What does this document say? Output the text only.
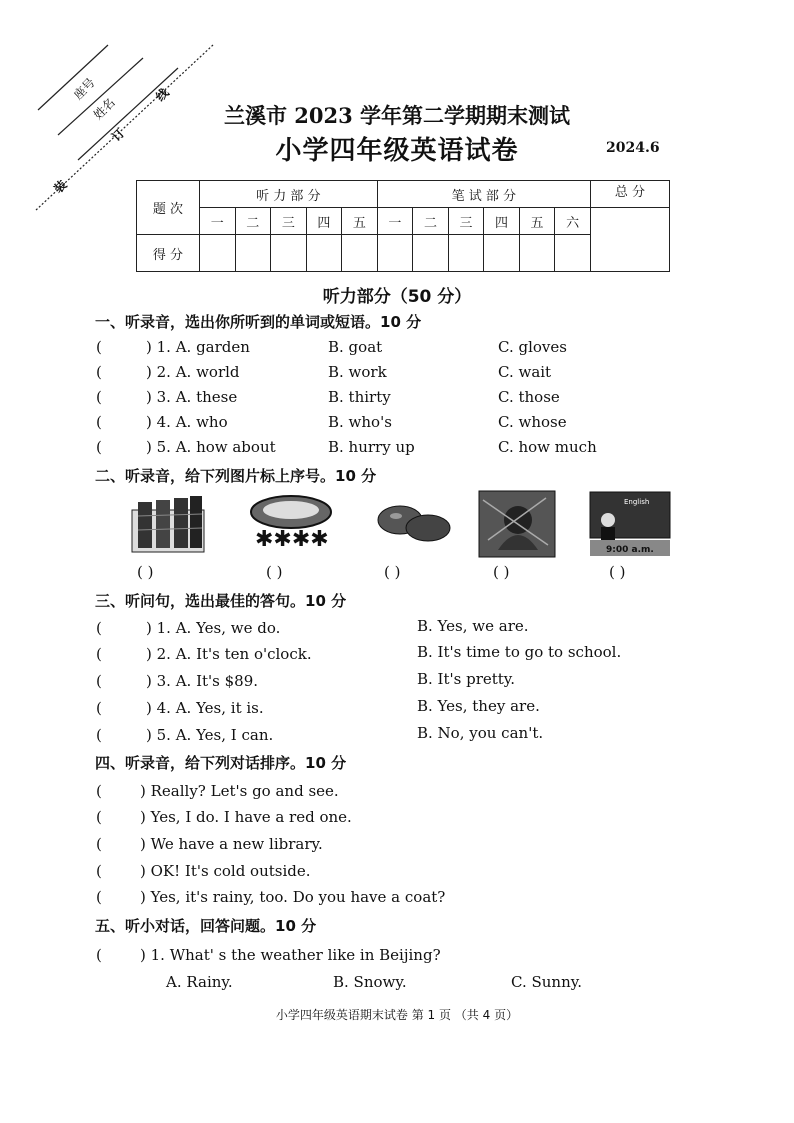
座号
姓名
装
订
线
兰溪市 2023 学年第二学期期末测试
小学四年级英语试卷	2024.6
题 次	听 力 部 分					笔 试 部 分						总 分
	一	二	三	四	五	一	二	三	四	五	六	
得 分												
听力部分（50 分）
一、听录音，选出你所听到的单词或短语。10 分
(	) 1. A. garden	B. goat	C. gloves
(	) 2. A. world	B. work	C. wait
(	) 3. A. these	B. thirty	C. those
(	) 4. A. who	B. who's	C. whose
(	) 5. A. how about	B. hurry up	C. how much
二、听录音，给下列图片标上序号。10 分
✱✱✱✱
English
9:00 a.m.
( )	( )	( )	( )	( )
三、听问句，选出最佳的答句。10 分
(	) 1. A. Yes, we do.	B. Yes, we are.
(	) 2. A. It's ten o'clock.	B. It's time to go to school.
(	) 3. A. It's $89.	B. It's pretty.
(	) 4. A. Yes, it is.	B. Yes, they are.
(	) 5. A. Yes, I can.	B. No, you can't.
四、听录音，给下列对话排序。10 分
(	) Really? Let's go and see.
(	) Yes, I do. I have a red one.
(	) We have a new library.
(	) OK! It's cold outside.
(	) Yes, it's rainy, too. Do you have a coat?
五、听小对话，回答问题。10 分
(	) 1. What' s the weather like in Beijing?
A. Rainy.	B. Snowy.	C. Sunny.
小学四年级英语期末试卷 第 1 页 （共 4 页）
